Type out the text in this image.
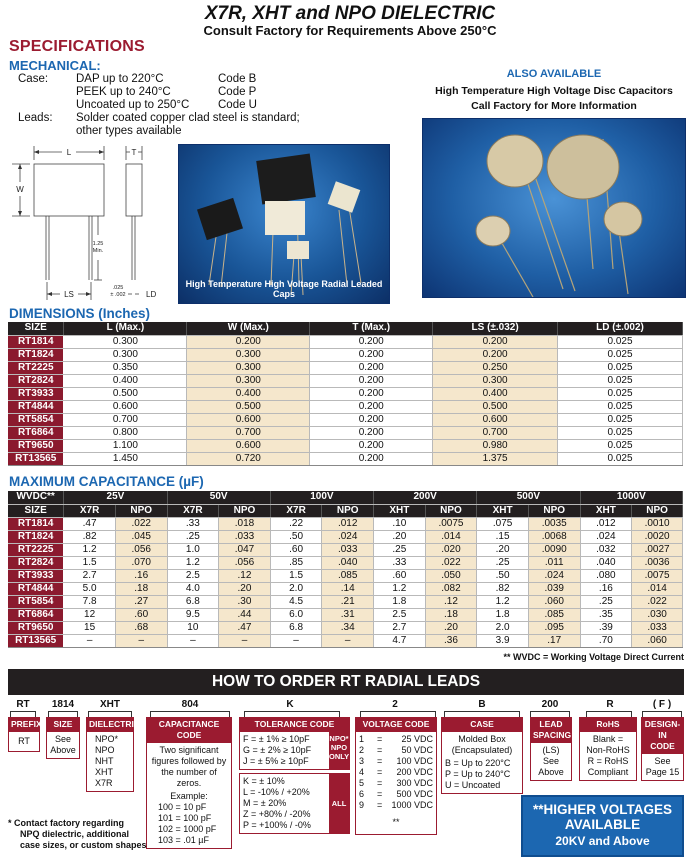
X7R, XHT and NPO DIELECTRIC
Consult Factory for Requirements Above 250°C
SPECIFICATIONS
MECHANICAL:
Case: DAP up to 220°C	Code B
PEEK up to 240°C	Code P
Uncoated up to 250°C Code U
Leads: Solder coated copper clad steel is standard;
other types available
L	T
W
LS	LD
1.25
Min.
.025
± .002
High Temperature High Voltage Radial Leaded Caps
ALSO AVAILABLE
High Temperature High Voltage Disc Capacitors
Call Factory for More Information
DIMENSIONS (Inches)
SIZE	L (Max.)	W (Max.)	T (Max.)	LS (±.032)	LD (±.002)
RT1814	0.300	0.200	0.200	0.200	0.025
RT1824	0.300	0.300	0.200	0.200	0.025
RT2225	0.350	0.300	0.200	0.250	0.025
RT2824	0.400	0.300	0.200	0.300	0.025
RT3933	0.500	0.400	0.200	0.400	0.025
RT4844	0.600	0.500	0.200	0.500	0.025
RT5854	0.700	0.600	0.200	0.600	0.025
RT6864	0.800	0.700	0.200	0.700	0.025
RT9650	1.100	0.600	0.200	0.980	0.025
RT13565	1.450	0.720	0.200	1.375	0.025
MAXIMUM CAPACITANCE (µF)
WVDC**	25V		50V		100V		200V		500V		1000V	
SIZE	X7R	NPO	X7R	NPO	X7R	NPO	XHT	NPO	XHT	NPO	XHT	NPO
RT1814	.47	.022	.33	.018	.22	.012	.10	.0075	.075	.0035	.012	.0010
RT1824	.82	.045	.25	.033	.50	.024	.20	.014	.15	.0068	.024	.0020
RT2225	1.2	.056	1.0	.047	.60	.033	.25	.020	.20	.0090	.032	.0027
RT2824	1.5	.070	1.2	.056	.85	.040	.33	.022	.25	.011	.040	.0036
RT3933	2.7	.16	2.5	.12	1.5	.085	.60	.050	.50	.024	.080	.0075
RT4844	5.0	.18	4.0	.20	2.0	.14	1.2	.082	.82	.039	.16	.014
RT5854	7.8	.27	6.8	.30	4.5	.21	1.8	.12	1.2	.060	.25	.022
RT6864	12	.60	9.5	.44	6.0	.31	2.5	.18	1.8	.085	.35	.030
RT9650	15	.68	10	.47	6.8	.34	2.7	.20	2.0	.095	.39	.033
RT13565	–	–	–	–	–	–	4.7	.36	3.9	.17	.70	.060
** WVDC = Working Voltage Direct Current
HOW TO ORDER RT RADIAL LEADS
RT	1814	XHT	804	K	2	B	200	R	( F )
PREFIX
RT
SIZE
See
Above
DIELECTRIC
NPO*
NPO
NHT
XHT
X7R
CAPACITANCE CODE
Two significant
figures followed by
the number of zeros.
Example:
100 = 10 pF
101 = 100 pF
102 = 1000 pF
103 = .01 µF
TOLERANCE CODE
F = ± 1% ≥ 10pF
G = ± 2% ≥ 10pF
J = ± 5% ≥ 10pF
NPO*
NPO
ONLY
K = ± 10%
L = -10% / +20%
M = ± 20%
Z = +80% / -20%
P = +100% / -0%
ALL
VOLTAGE CODE
1	=	25 VDC
2	=	50 VDC
3	=	100 VDC
4	=	200 VDC
5	=	300 VDC
6	=	500 VDC
9	= 1000 VDC
**
CASE
Molded Box
(Encapsulated)
B = Up to 220°C
P = Up to 240°C
U = Uncoated
LEAD
SPACING
(LS)
See
Above
RoHS
Blank =
Non-RoHS
R = RoHS
Compliant
DESIGN-IN
CODE
See
Page 15
* Contact factory regarding
NPQ dielectric, additional
case sizes, or custom shapes
**HIGHER VOLTAGES
AVAILABLE
20KV and Above
